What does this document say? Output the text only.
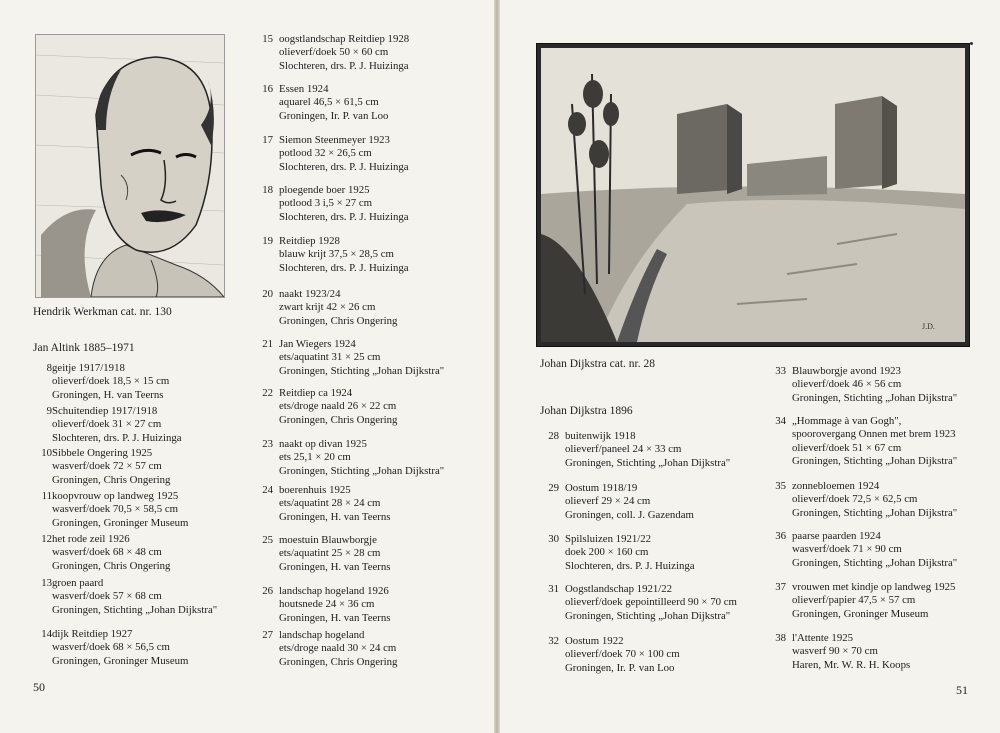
Hendrik Werkman cat. nr. 130
Jan Altink 1885–1971
8 geitje 1917/1918
olieverf/doek 18,5 × 15 cm
Groningen, H. van Teerns
9 Schuitendiep 1917/1918
olieverf/doek 31 × 27 cm
Slochteren, drs. P. J. Huizinga
10 Sibbele Ongering 1925
wasverf/doek 72 × 57 cm
Groningen, Chris Ongering
11 koopvrouw op landweg 1925
wasverf/doek 70,5 × 58,5 cm
Groningen, Groninger Museum
12 het rode zeil 1926
wasverf/doek 68 × 48 cm
Groningen, Chris Ongering
13 groen paard
wasverf/doek 57 × 68 cm
Groningen, Stichting „Johan Dijkstra"
14 dijk Reitdiep 1927
wasverf/doek 68 × 56,5 cm
Groningen, Groninger Museum
15 oogstlandschap Reitdiep 1928
olieverf/doek 50 × 60 cm
Slochteren, drs. P. J. Huizinga
16 Essen 1924
aquarel 46,5 × 61,5 cm
Groningen, Ir. P. van Loo
17 Siemon Steenmeyer 1923
potlood 32 × 26,5 cm
Slochteren, drs. P. J. Huizinga
18 ploegende boer 1925
potlood 3 i,5 × 27 cm
Slochteren, drs. P. J. Huizinga
19 Reitdiep 1928
blauw krijt 37,5 × 28,5 cm
Slochteren, drs. P. J. Huizinga
20 naakt 1923/24
zwart krijt 42 × 26 cm
Groningen, Chris Ongering
21 Jan Wiegers 1924
ets/aquatint 31 × 25 cm
Groningen, Stichting „Johan Dijkstra"
22 Reitdiep ca 1924
ets/droge naald 26 × 22 cm
Groningen, Chris Ongering
23 naakt op divan 1925
ets 25,1 × 20 cm
Groningen, Stichting „Johan Dijkstra"
24 boerenhuis 1925
ets/aquatint 28 × 24 cm
Groningen, H. van Teerns
25 moestuin Blauwborgje
ets/aquatint 25 × 28 cm
Groningen, H. van Teerns
26 landschap hogeland 1926
houtsnede 24 × 36 cm
Groningen, H. van Teerns
27 landschap hogeland
ets/droge naald 30 × 24 cm
Groningen, Chris Ongering
50
J.D.
Johan Dijkstra cat. nr. 28
Johan Dijkstra 1896
28 buitenwijk 1918
olieverf/paneel 24 × 33 cm
Groningen, Stichting „Johan Dijkstra"
29 Oostum 1918/19
olieverf 29 × 24 cm
Groningen, coll. J. Gazendam
30 Spilsluizen 1921/22
doek 200 × 160 cm
Slochteren, drs. P. J. Huizinga
31 Oogstlandschap 1921/22
olieverf/doek gepointilleerd 90 × 70 cm
Groningen, Stichting „Johan Dijkstra"
32 Oostum 1922
olieverf/doek 70 × 100 cm
Groningen, Ir. P. van Loo
33 Blauwborgje avond 1923
olieverf/doek 46 × 56 cm
Groningen, Stichting „Johan Dijkstra"
34 „Hommage à van Gogh",
spoorovergang Onnen met brem 1923
olieverf/doek 51 × 67 cm
Groningen, Stichting „Johan Dijkstra"
35 zonnebloemen 1924
olieverf/doek 72,5 × 62,5 cm
Groningen, Stichting „Johan Dijkstra"
36 paarse paarden 1924
wasverf/doek 71 × 90 cm
Groningen, Stichting „Johan Dijkstra"
37 vrouwen met kindje op landweg 1925
olieverf/papier 47,5 × 57 cm
Groningen, Groninger Museum
38 l'Attente 1925
wasverf 90 × 70 cm
Haren, Mr. W. R. H. Koops
51
